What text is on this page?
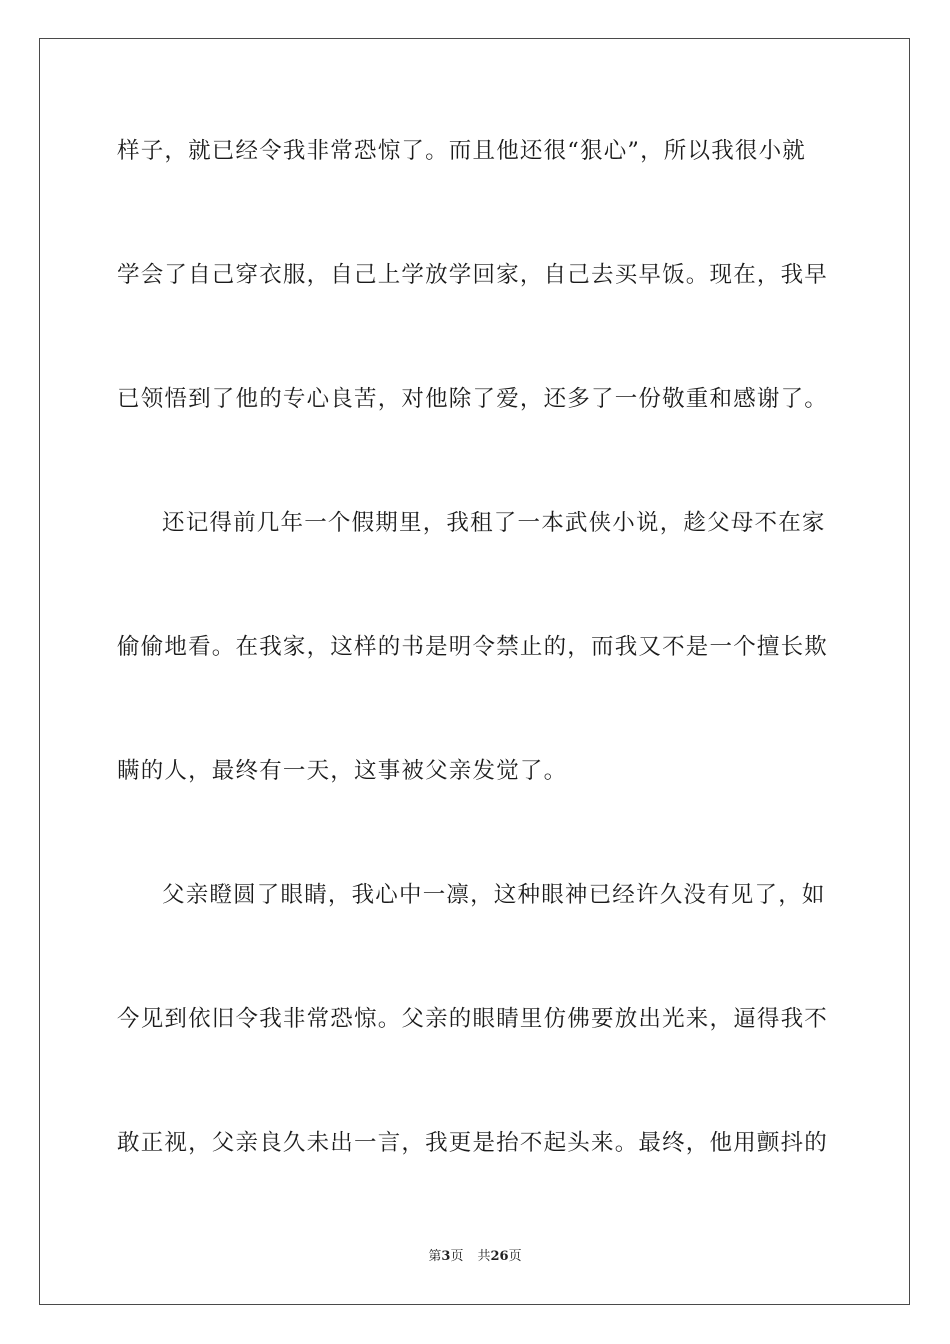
样子，就已经令我非常恐惊了。而且他还很“狠心”，所以我很小就
学会了自己穿衣服，自己上学放学回家，自己去买早饭。现在，我早
已领悟到了他的专心良苦，对他除了爱，还多了一份敬重和感谢了。
还记得前几年一个假期里，我租了一本武侠小说，趁父母不在家
偷偷地看。在我家，这样的书是明令禁止的，而我又不是一个擅长欺
瞒的人，最终有一天，这事被父亲发觉了。
父亲瞪圆了眼睛，我心中一凛，这种眼神已经许久没有见了，如
今见到依旧令我非常恐惊。父亲的眼睛里仿佛要放出光来，逼得我不
敢正视，父亲良久未出一言，我更是抬不起头来。最终，他用颤抖的
第3页 共26页
